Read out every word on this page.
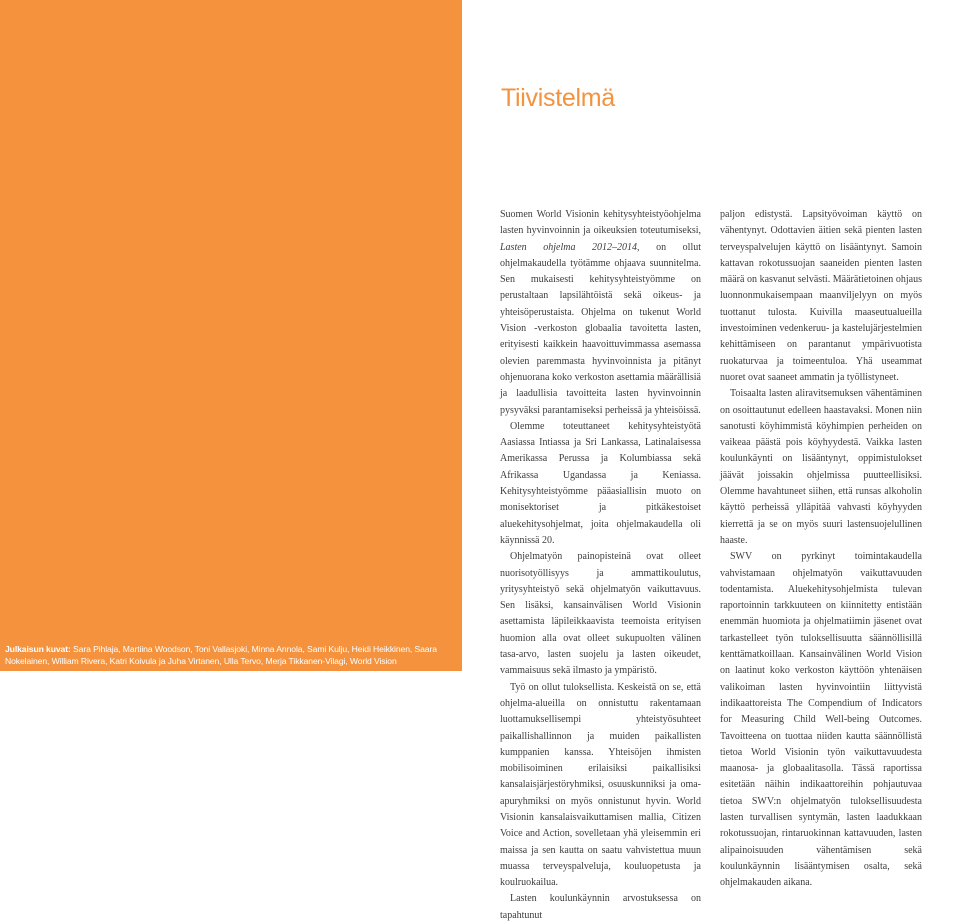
Julkaisun kuvat: Sara Pihlaja, Martiina Woodson, Toni Vallasjoki, Minna Annola, Sami Kulju, Heidi Heikkinen, Saara Nokelainen, William Rivera, Katri Koivula ja Juha Virtanen, Ulla Tervo, Merja Tikkanen-Vilagi, World Vision
Tiivistelmä

Suomen World Visionin kehitysyhteistyöohjelma lasten hyvinvoinnin ja oikeuksien toteutumiseksi, Lasten ohjelma 2012–2014, on ollut ohjelmakaudella työtämme ohjaava suunnitelma. Sen mukaisesti kehitysyhteistyömme on perustaltaan lapsilähtöistä sekä oikeus- ja yhteisöperustaista. Ohjelma on tukenut World Vision -verkoston globaalia tavoitetta lasten, erityisesti kaikkein haavoittuvimmassa asemassa olevien paremmasta hyvinvoinnista ja pitänyt ohjenuorana koko verkoston asettamia määrällisiä ja laadullisia tavoitteita lasten hyvinvoinnin pysyväksi parantamiseksi perheissä ja yhteisöissä.

Olemme toteuttaneet kehitysyhteistyötä Aasiassa Intiassa ja Sri Lankassa, Latinalaisessa Amerikassa Perussa ja Kolumbiassa sekä Afrikassa Ugandassa ja Keniassa. Kehitysyhteistyömme pääasiallisin muoto on monisektoriset ja pitkäkestoiset aluekehitysohjelmat, joita ohjelmakaudella oli käynnissä 20.

Ohjelmatyön painopisteinä ovat olleet nuorisotyöllisyys ja ammattikoulutus, yritysyhteistyö sekä ohjelmatyön vaikuttavuus. Sen lisäksi, kansainvälisen World Visionin asettamista läpileikkaavista teemoista erityisen huomion alla ovat olleet sukupuolten välinen tasa-arvo, lasten suojelu ja lasten oikeudet, vammaisuus sekä ilmasto ja ympäristö.

Työ on ollut tuloksellista. Keskeistä on se, että ohjelma-alueilla on onnistuttu rakentamaan luottamuksellisempi yhteistyösuhteet paikallishallinnon ja muiden paikallisten kumppanien kanssa. Yhteisöjen ihmisten mobilisoiminen erilaisiksi paikallisiksi kansalaisjärjestöryhmiksi, osuuskunniksi ja oma-apuryhmiksi on myös onnistunut hyvin. World Visionin kansalaisvaikuttamisen mallia, Citizen Voice and Action, sovelletaan yhä yleisemmin eri maissa ja sen kautta on saatu vahvistettua muun muassa terveyspalveluja, kouluopetusta ja koulruokailua.

Lasten koulunkäynnin arvostuksessa on tapahtunut

paljon edistystä. Lapsityövoiman käyttö on vähentynyt. Odottavien äitien sekä pienten lasten terveyspalvelujen käyttö on lisääntynyt. Samoin kattavan rokotussuojan saaneiden pienten lasten määrä on kasvanut selvästi. Määrätietoinen ohjaus luonnonmukaisempaan maanviljelyyn on myös tuottanut tulosta. Kuivilla maaseutualueilla investoiminen vedenkeruu- ja kastelujärjestelmien kehittämiseen on parantanut ympärivuotista ruokaturvaa ja toimeentuloa. Yhä useammat nuoret ovat saaneet ammatin ja työllistyneet.

Toisaalta lasten aliravitsemuksen vähentäminen on osoittautunut edelleen haastavaksi. Monen niin sanotusti köyhimmistä köyhimpien perheiden on vaikeaa päästä pois köyhyydestä. Vaikka lasten koulunkäynti on lisääntynyt, oppimistulokset jäävät joissakin ohjelmissa puutteellisiksi. Olemme havahtuneet siihen, että runsas alkoholin käyttö perheissä ylläpitää vahvasti köyhyyden kierrettä ja se on myös suuri lastensuojelullinen haaste.

SWV on pyrkinyt toimintakaudella vahvistamaan ohjelmatyön vaikuttavuuden todentamista. Aluekehitysohjelmista tulevan raportoinnin tarkkuuteen on kiinnitetty entistään enemmän huomiota ja ohjelmatiimin jäsenet ovat tarkastelleet työn tuloksellisuutta säännöllisillä kenttämatkoillaan. Kansainvälinen World Vision on laatinut koko verkoston käyttöön yhtenäisen valikoiman lasten hyvinvointiin liittyvistä indikaattoreista The Compendium of Indicators for Measuring Child Well-being Outcomes. Tavoitteena on tuottaa niiden kautta säännöllistä tietoa World Visionin työn vaikuttavuudesta maanosa- ja globaalitasolla. Tässä raportissa esitetään näihin indikaattoreihin pohjautuvaa tietoa SWV:n ohjelmatyön tuloksellisuudesta lasten turvallisen syntymän, lasten laadukkaan rokotussuojan, rintaruokinnan kattavuuden, lasten alipainoisuuden vähentämisen sekä koulunkäynnin lisääntymisen osalta, sekä ohjelmakauden aikana.
